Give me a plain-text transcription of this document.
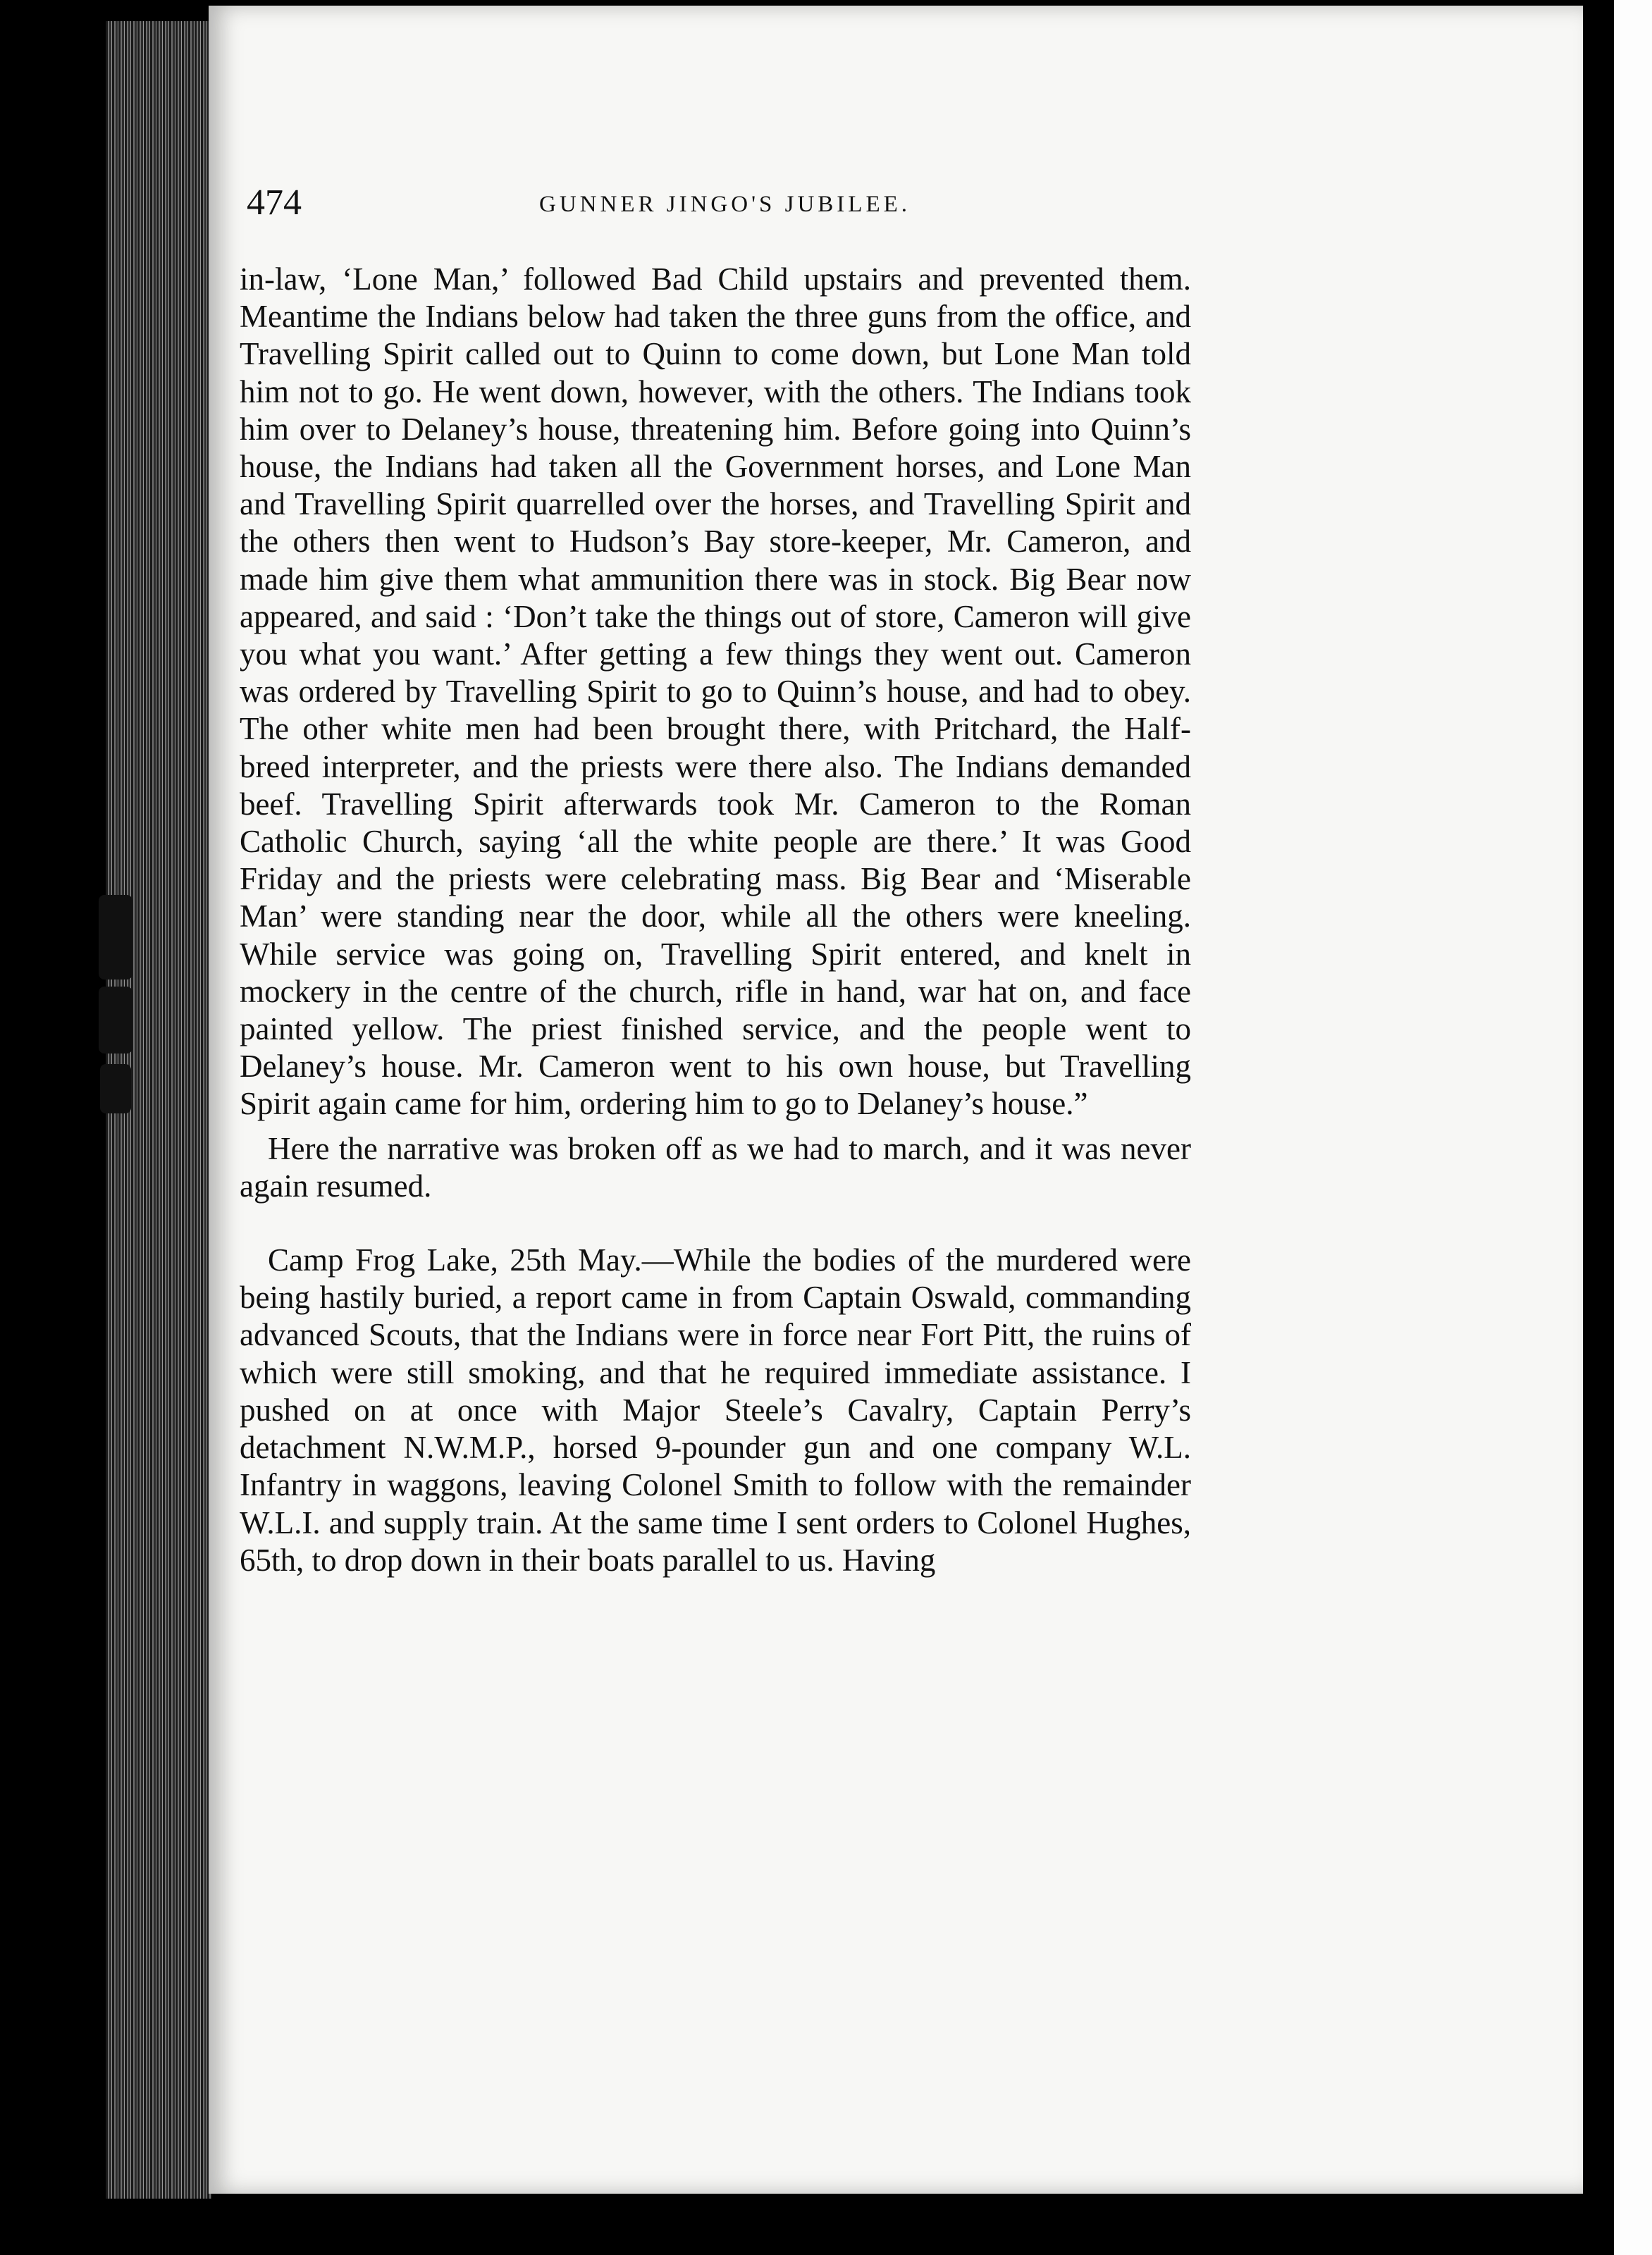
474	GUNNER JINGO'S JUBILEE.

in-law, ‘Lone Man,’ followed Bad Child upstairs and prevented them. Meantime the Indians below had taken the three guns from the office, and Travelling Spirit called out to Quinn to come down, but Lone Man told him not to go. He went down, however, with the others. The Indians took him over to Delaney’s house, threatening him. Before going into Quinn’s house, the Indians had taken all the Government horses, and Lone Man and Travelling Spirit quarrelled over the horses, and Travelling Spirit and the others then went to Hudson’s Bay store-keeper, Mr. Cameron, and made him give them what ammunition there was in stock. Big Bear now appeared, and said : ‘Don’t take the things out of store, Cameron will give you what you want.’ After getting a few things they went out. Cameron was ordered by Travelling Spirit to go to Quinn’s house, and had to obey. The other white men had been brought there, with Pritchard, the Half-breed interpreter, and the priests were there also. The Indians demanded beef. Travelling Spirit afterwards took Mr. Cameron to the Roman Catholic Church, saying ‘all the white people are there.’ It was Good Friday and the priests were celebrating mass. Big Bear and ‘Miserable Man’ were standing near the door, while all the others were kneeling. While service was going on, Travelling Spirit entered, and knelt in mockery in the centre of the church, rifle in hand, war hat on, and face painted yellow. The priest finished service, and the people went to Delaney’s house. Mr. Cameron went to his own house, but Travelling Spirit again came for him, ordering him to go to Delaney’s house.”

Here the narrative was broken off as we had to march, and it was never again resumed.

Camp Frog Lake, 25th May.—While the bodies of the murdered were being hastily buried, a report came in from Captain Oswald, commanding advanced Scouts, that the Indians were in force near Fort Pitt, the ruins of which were still smoking, and that he required immediate assistance. I pushed on at once with Major Steele’s Cavalry, Captain Perry’s detachment N.W.M.P., horsed 9-pounder gun and one company W.L. Infantry in waggons, leaving Colonel Smith to follow with the remainder W.L.I. and supply train. At the same time I sent orders to Colonel Hughes, 65th, to drop down in their boats parallel to us. Having
